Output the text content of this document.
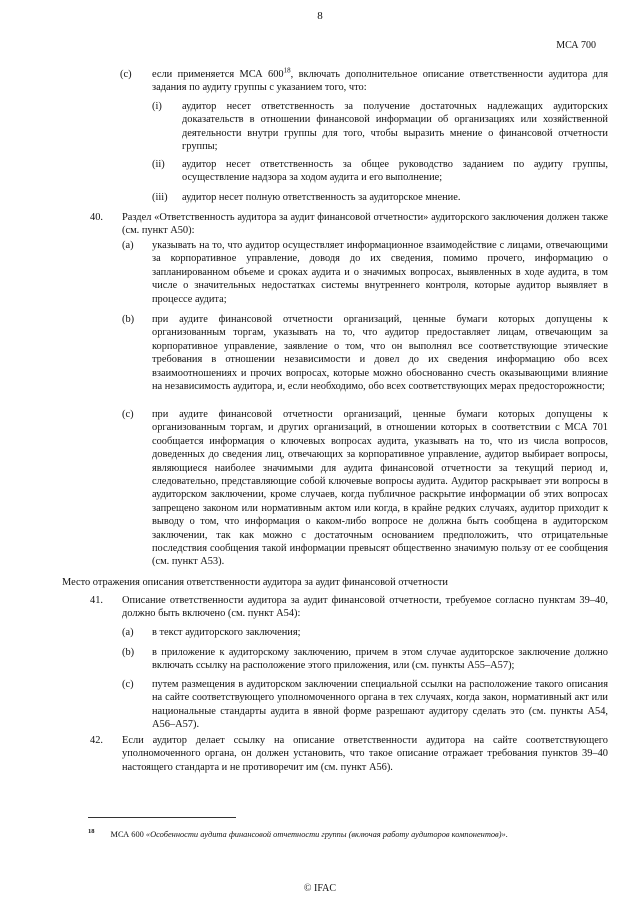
8
МСА 700
(c) если применяется МСА $600^{18}$, включать дополнительное описание ответственности аудитора для задания по аудиту группы с указанием того, что:
(i) аудитор несет ответственность за получение достаточных надлежащих аудиторских доказательств в отношении финансовой информации об организациях или хозяйственной деятельности внутри группы для того, чтобы выразить мнение о финансовой отчетности группы;
(ii) аудитор несет ответственность за общее руководство заданием по аудиту группы, осуществление надзора за ходом аудита и его выполнение;
(iii) аудитор несет полную ответственность за аудиторское мнение.
40. Раздел «Ответственность аудитора за аудит финансовой отчетности» аудиторского заключения должен также (см. пункт A50):
(a) указывать на то, что аудитор осуществляет информационное взаимодействие с лицами, отвечающими за корпоративное управление, доводя до их сведения, помимо прочего, информацию о запланированном объеме и сроках аудита и о значимых вопросах, выявленных в ходе аудита, в том числе о значительных недостатках системы внутреннего контроля, которые аудитор выявляет в процессе аудита;
(b) при аудите финансовой отчетности организаций, ценные бумаги которых допущены к организованным торгам, указывать на то, что аудитор предоставляет лицам, отвечающим за корпоративное управление, заявление о том, что он выполнял все соответствующие этические требования в отношении независимости и довел до их сведения информацию обо всех взаимоотношениях и прочих вопросах, которые можно обоснованно счесть оказывающими влияние на независимость аудитора, и, если необходимо, обо всех соответствующих мерах предосторожности;
(c) при аудите финансовой отчетности организаций, ценные бумаги которых допущены к организованным торгам, и других организаций, в отношении которых в соответствии с МСА 701 сообщается информация о ключевых вопросах аудита, указывать на то, что из числа вопросов, доведенных до сведения лиц, отвечающих за корпоративное управление, аудитор выбирает вопросы, являющиеся наиболее значимыми для аудита финансовой отчетности за текущий период и, следовательно, представляющие собой ключевые вопросы аудита. Аудитор раскрывает эти вопросы в аудиторском заключении, кроме случаев, когда публичное раскрытие информации об этих вопросах запрещено законом или нормативным актом или когда, в крайне редких случаях, аудитор приходит к выводу о том, что информация о каком-либо вопросе не должна быть сообщена в аудиторском заключении, так как можно с достаточным основанием предположить, что отрицательные последствия сообщения такой информации превысят общественно значимую пользу от ее сообщения (см. пункт A53).
Место отражения описания ответственности аудитора за аудит финансовой отчетности
41. Описание ответственности аудитора за аудит финансовой отчетности, требуемое согласно пунктам 39–40, должно быть включено (см. пункт A54):
(a) в текст аудиторского заключения;
(b) в приложение к аудиторскому заключению, причем в этом случае аудиторское заключение должно включать ссылку на расположение этого приложения, или (см. пункты A55–A57);
(c) путем размещения в аудиторском заключении специальной ссылки на расположение такого описания на сайте соответствующего уполномоченного органа в тех случаях, когда закон, нормативный акт или национальные стандарты аудита в явной форме разрешают аудитору сделать это (см. пункты A54, A56–A57).
42. Если аудитор делает ссылку на описание ответственности аудитора на сайте соответствующего уполномоченного органа, он должен установить, что такое описание отражает требования пунктов 39–40 настоящего стандарта и не противоречит им (см. пункт A56).
$^{18}$ МСА 600 «Особенности аудита финансовой отчетности группы (включая работу аудиторов компонентов)».
© IFAC
